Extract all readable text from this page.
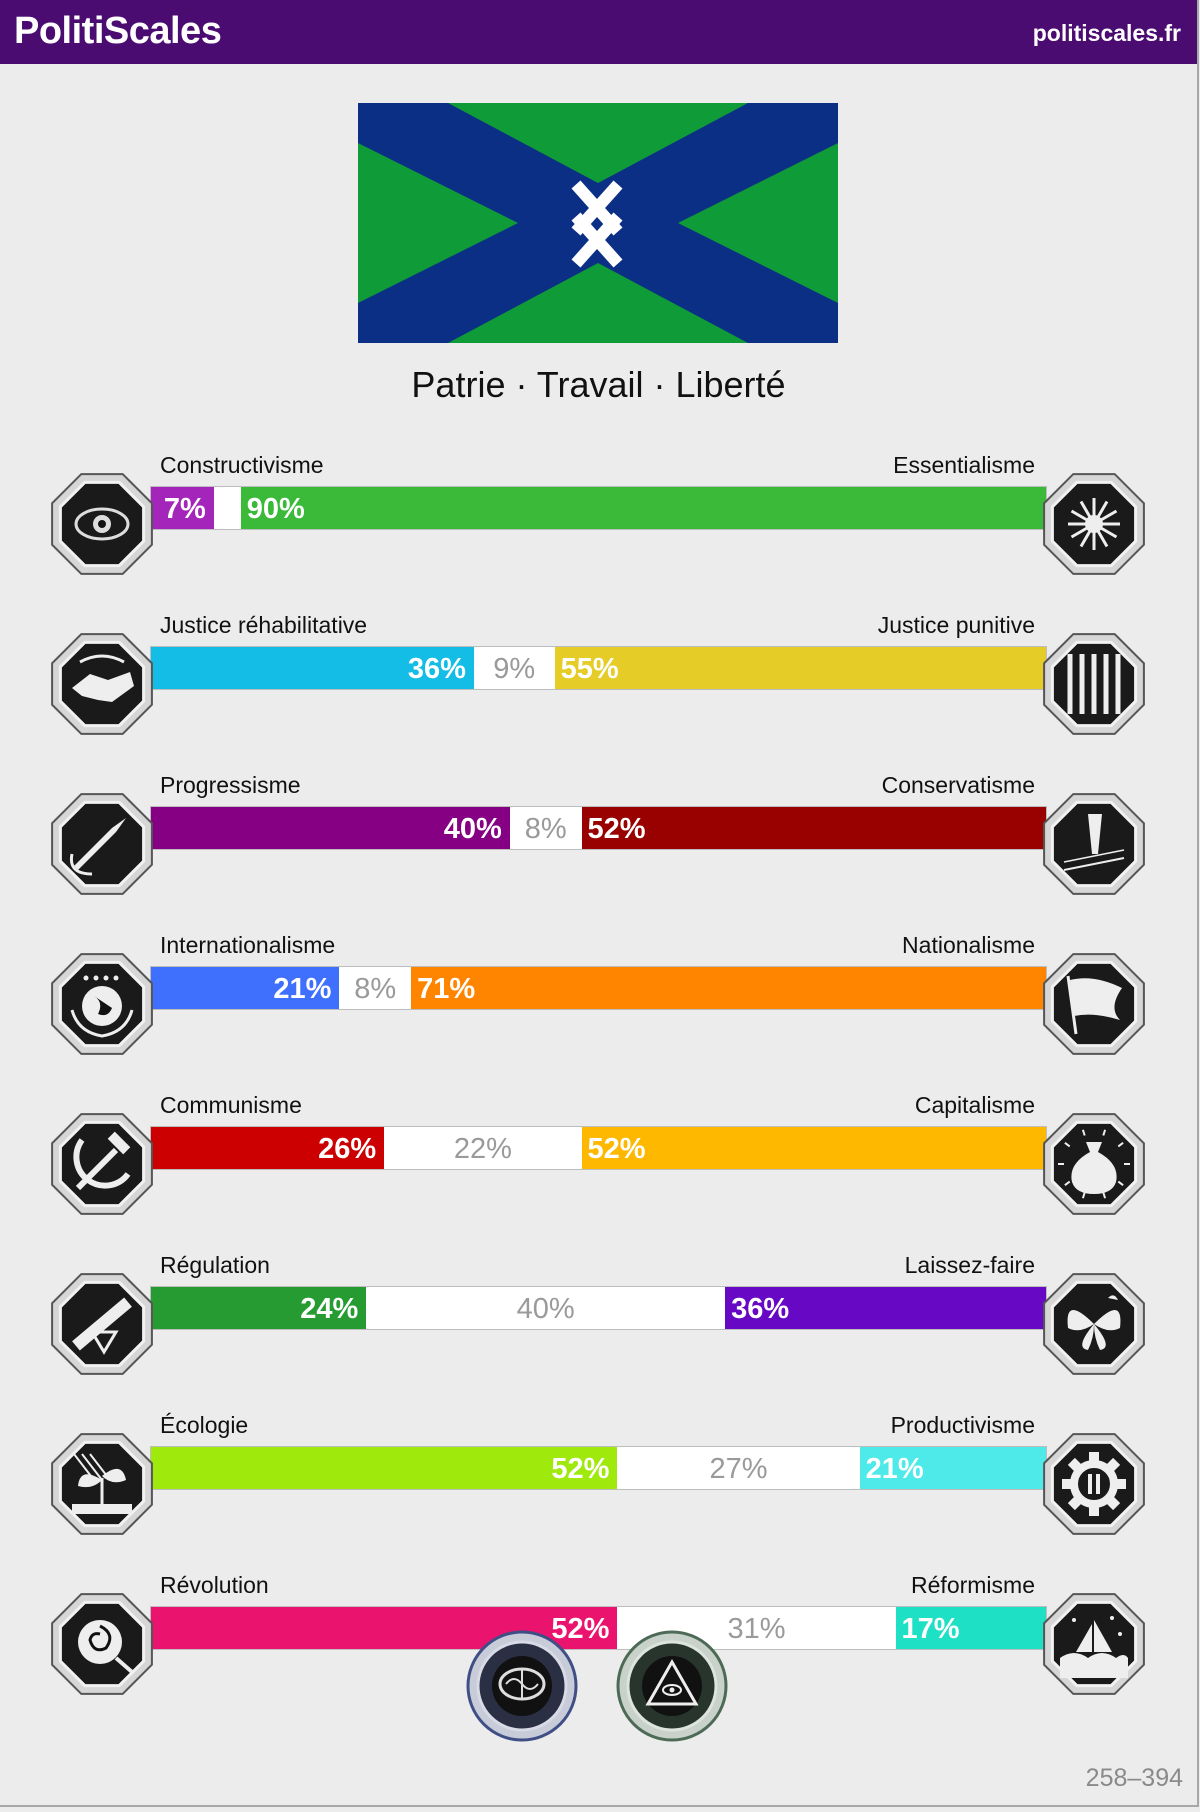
PolitiScales	politiscales.fr
Patrie · Travail · Liberté
Constructivisme	Essentialisme
7% 90%
Justice réhabilitative	Justice punitive
36% 9% 55%
Progressisme	Conservatisme
40% 8% 52%
Internationalisme	Nationalisme
21% 8% 71%
Communisme	Capitalisme
26%	22%	52%
Régulation	Laissez-faire
24%	40%	36%
Écologie	Productivisme
52%	27%	21%
Révolution	Réformisme
52%	31%	17%
258–394
